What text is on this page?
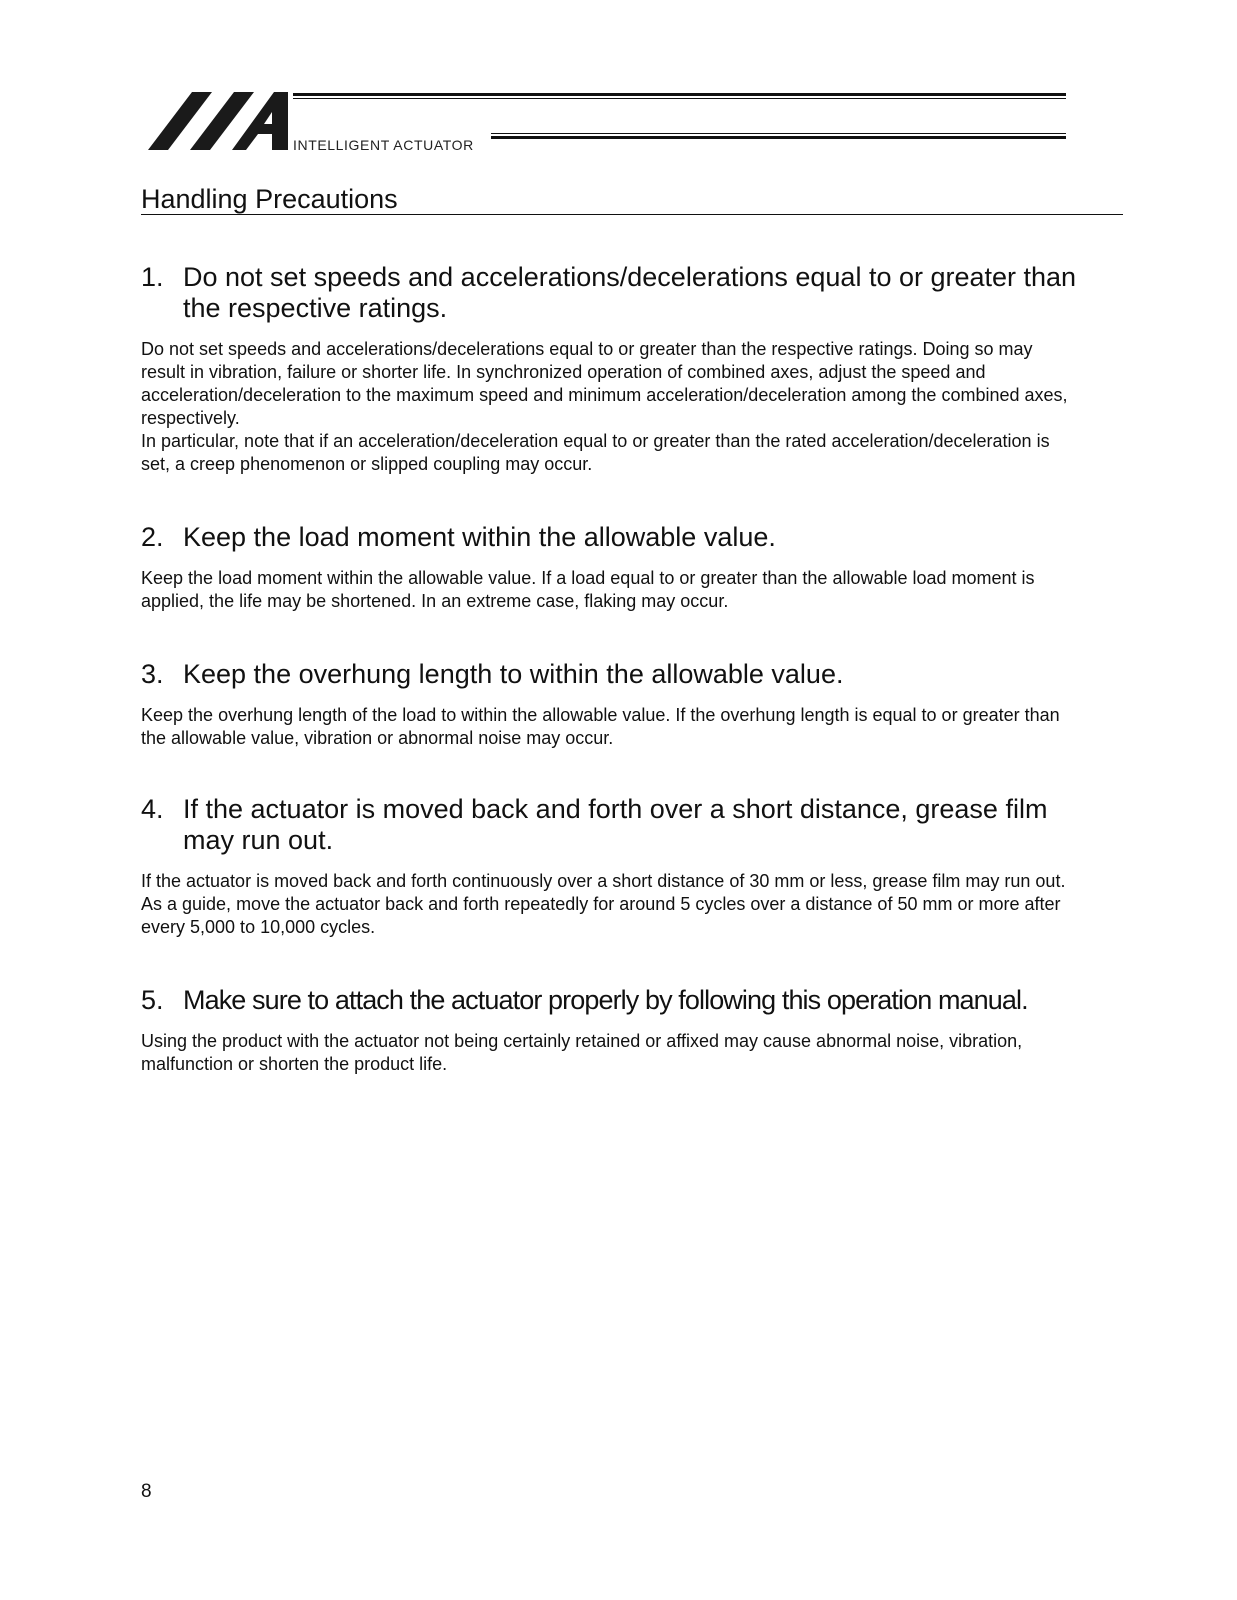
INTELLIGENT ACTUATOR
Handling Precautions
1. Do not set speeds and accelerations/decelerations equal to or greater than the respective ratings.

Do not set speeds and accelerations/decelerations equal to or greater than the respective ratings. Doing so may result in vibration, failure or shorter life. In synchronized operation of combined axes, adjust the speed and acceleration/deceleration to the maximum speed and minimum acceleration/deceleration among the combined axes, respectively.

In particular, note that if an acceleration/deceleration equal to or greater than the rated acceleration/deceleration is set, a creep phenomenon or slipped coupling may occur.

2. Keep the load moment within the allowable value.

Keep the load moment within the allowable value. If a load equal to or greater than the allowable load moment is applied, the life may be shortened. In an extreme case, flaking may occur.

3. Keep the overhung length to within the allowable value.

Keep the overhung length of the load to within the allowable value. If the overhung length is equal to or greater than the allowable value, vibration or abnormal noise may occur.

4. If the actuator is moved back and forth over a short distance, grease film may run out.

If the actuator is moved back and forth continuously over a short distance of 30 mm or less, grease film may run out. As a guide, move the actuator back and forth repeatedly for around 5 cycles over a distance of 50 mm or more after every 5,000 to 10,000 cycles.

5. Make sure to attach the actuator properly by following this operation manual.

Using the product with the actuator not being certainly retained or affixed may cause abnormal noise, vibration, malfunction or shorten the product life.

8
